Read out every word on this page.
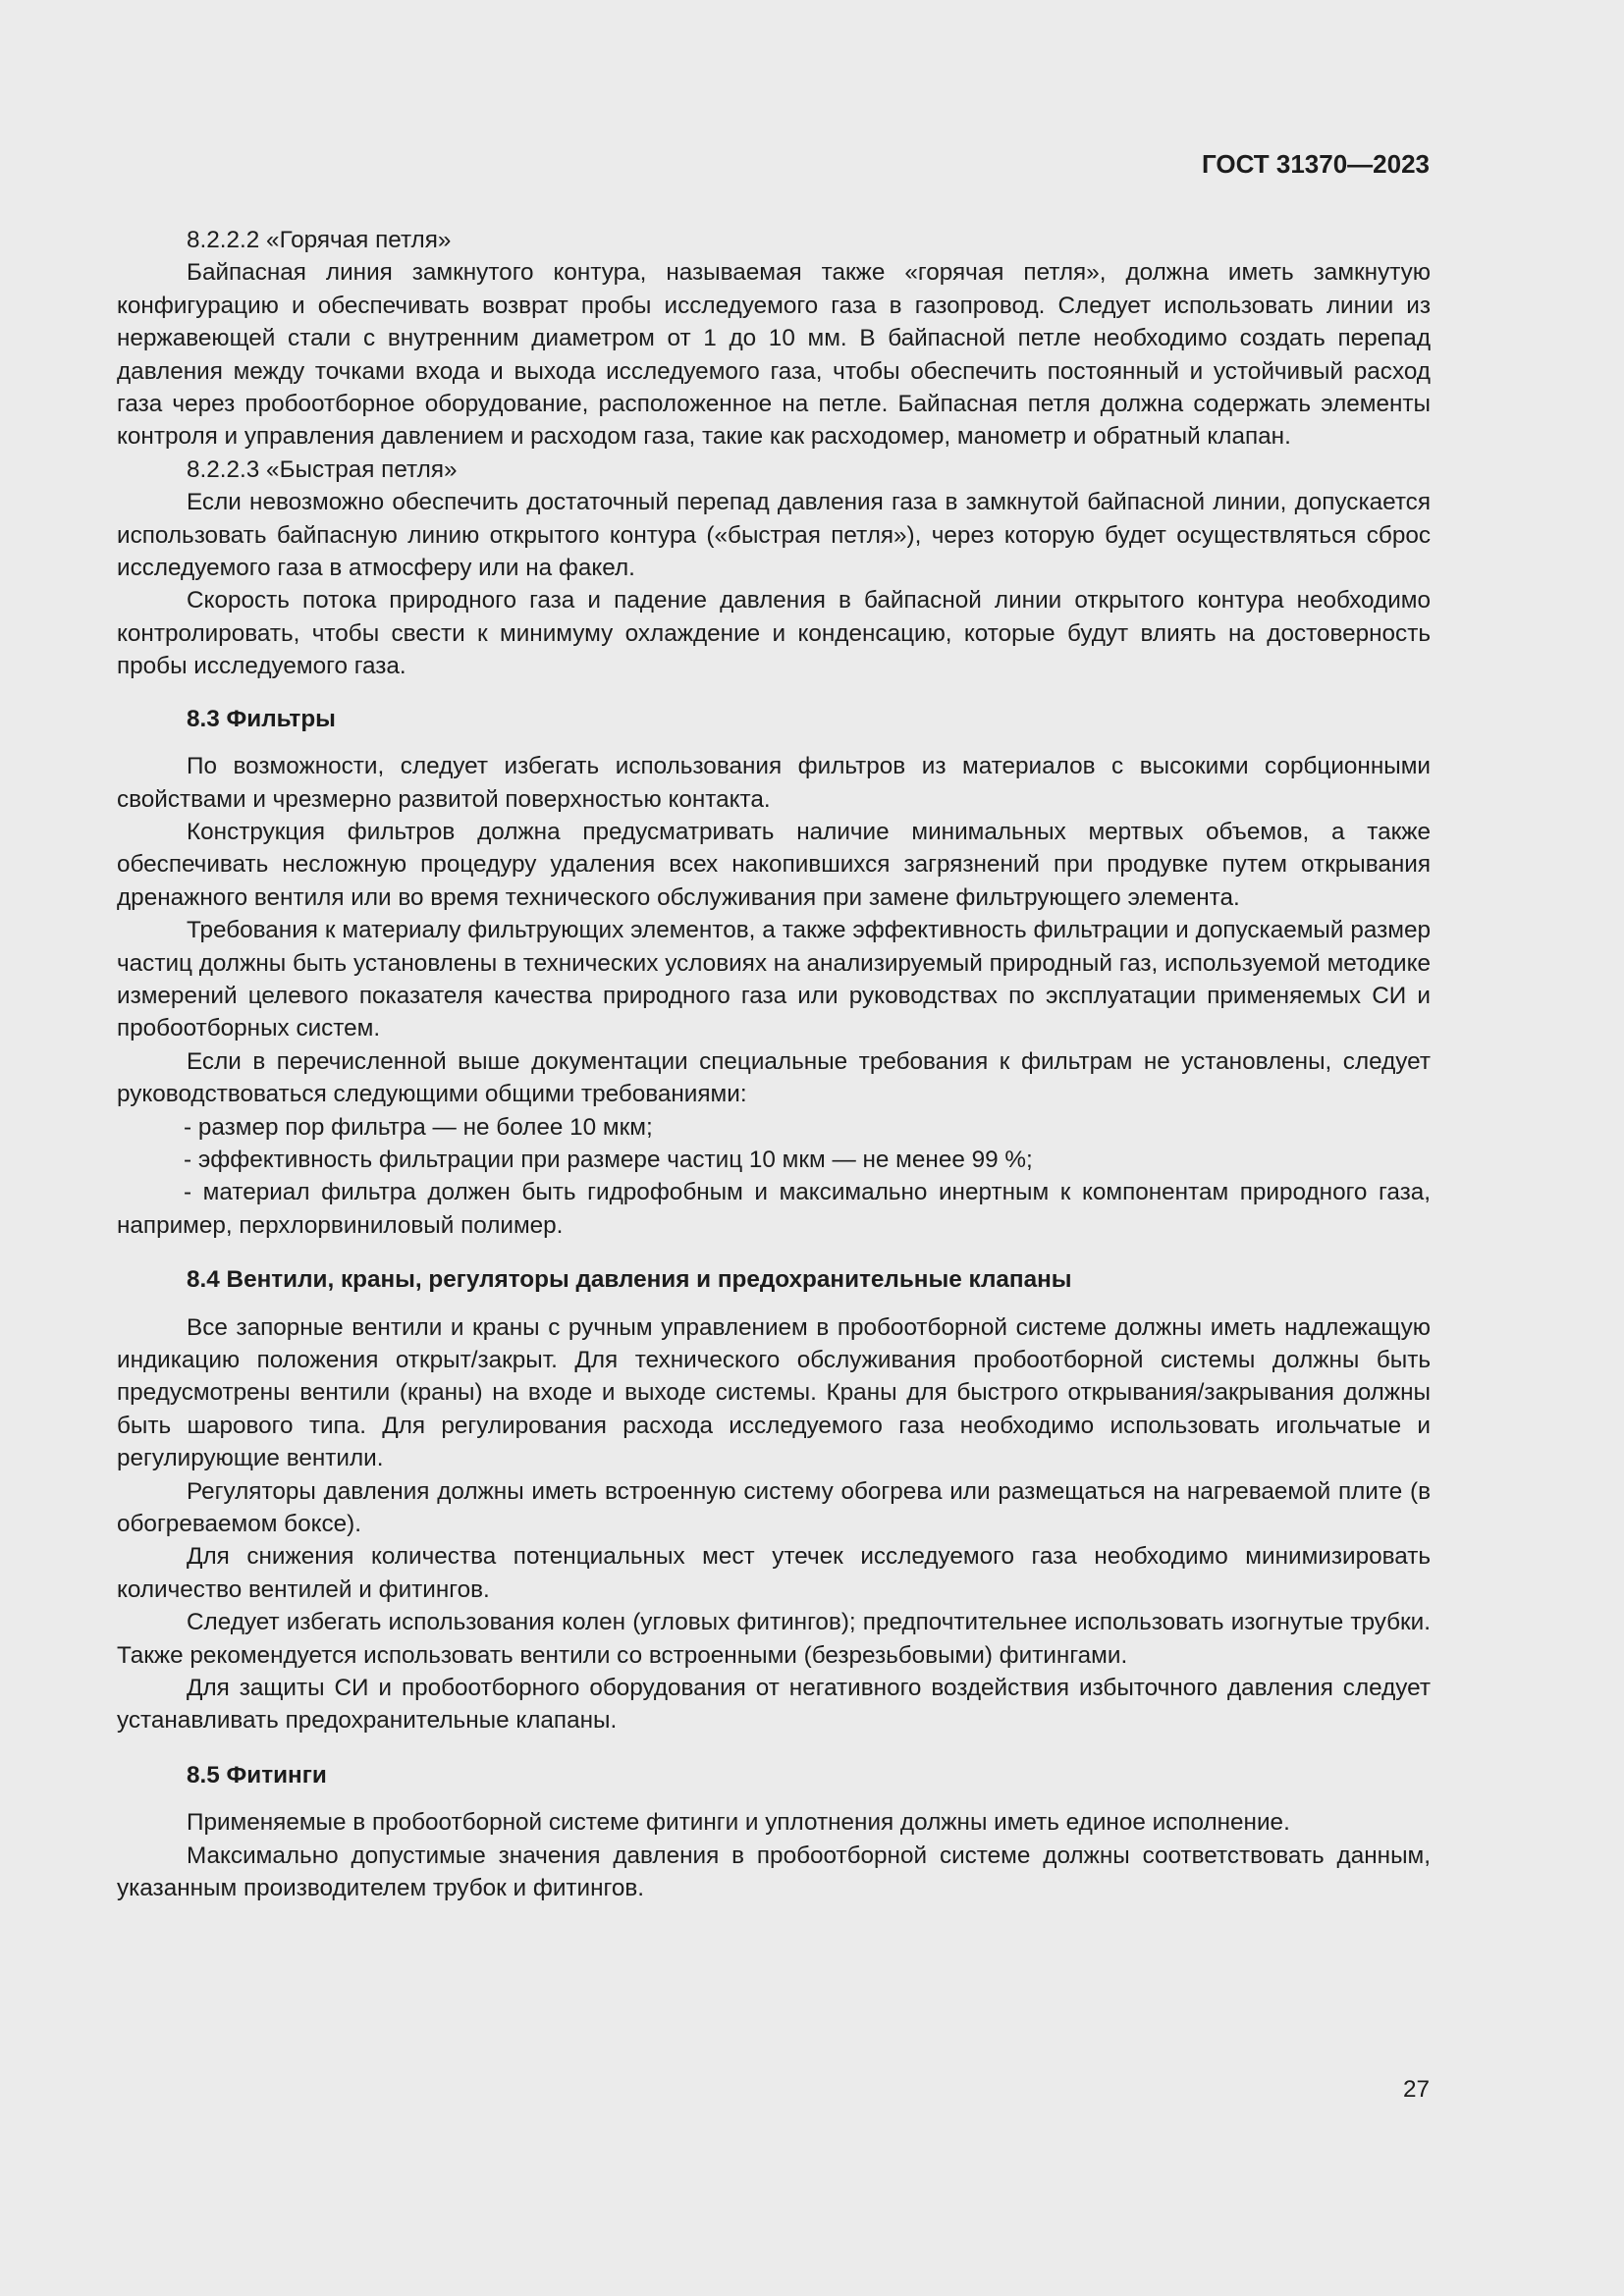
ГОСТ 31370—2023

8.2.2.2 «Горячая петля»

Байпасная линия замкнутого контура, называемая также «горячая петля», должна иметь замкнутую конфигурацию и обеспечивать возврат пробы исследуемого газа в газопровод. Следует использовать линии из нержавеющей стали с внутренним диаметром от 1 до 10 мм. В байпасной петле необходимо создать перепад давления между точками входа и выхода исследуемого газа, чтобы обеспечить постоянный и устойчивый расход газа через пробоотборное оборудование, расположенное на петле. Байпасная петля должна содержать элементы контроля и управления давлением и расходом газа, такие как расходомер, манометр и обратный клапан.

8.2.2.3 «Быстрая петля»

Если невозможно обеспечить достаточный перепад давления газа в замкнутой байпасной линии, допускается использовать байпасную линию открытого контура («быстрая петля»), через которую будет осуществляться сброс исследуемого газа в атмосферу или на факел.

Скорость потока природного газа и падение давления в байпасной линии открытого контура необходимо контролировать, чтобы свести к минимуму охлаждение и конденсацию, которые будут влиять на достоверность пробы исследуемого газа.

8.3 Фильтры

По возможности, следует избегать использования фильтров из материалов с высокими сорбционными свойствами и чрезмерно развитой поверхностью контакта.

Конструкция фильтров должна предусматривать наличие минимальных мертвых объемов, а также обеспечивать несложную процедуру удаления всех накопившихся загрязнений при продувке путем открывания дренажного вентиля или во время технического обслуживания при замене фильтрующего элемента.

Требования к материалу фильтрующих элементов, а также эффективность фильтрации и допускаемый размер частиц должны быть установлены в технических условиях на анализируемый природный газ, используемой методике измерений целевого показателя качества природного газа или руководствах по эксплуатации применяемых СИ и пробоотборных систем.

Если в перечисленной выше документации специальные требования к фильтрам не установлены, следует руководствоваться следующими общими требованиями:

- размер пор фильтра — не более 10 мкм;

- эффективность фильтрации при размере частиц 10 мкм — не менее 99 %;

- материал фильтра должен быть гидрофобным и максимально инертным к компонентам природного газа, например, перхлорвиниловый полимер.

8.4 Вентили, краны, регуляторы давления и предохранительные клапаны

Все запорные вентили и краны с ручным управлением в пробоотборной системе должны иметь надлежащую индикацию положения открыт/закрыт. Для технического обслуживания пробоотборной системы должны быть предусмотрены вентили (краны) на входе и выходе системы. Краны для быстрого открывания/закрывания должны быть шарового типа. Для регулирования расхода исследуемого газа необходимо использовать игольчатые и регулирующие вентили.

Регуляторы давления должны иметь встроенную систему обогрева или размещаться на нагреваемой плите (в обогреваемом боксе).

Для снижения количества потенциальных мест утечек исследуемого газа необходимо минимизировать количество вентилей и фитингов.

Следует избегать использования колен (угловых фитингов); предпочтительнее использовать изогнутые трубки. Также рекомендуется использовать вентили со встроенными (безрезьбовыми) фитингами.

Для защиты СИ и пробоотборного оборудования от негативного воздействия избыточного давления следует устанавливать предохранительные клапаны.

8.5 Фитинги

Применяемые в пробоотборной системе фитинги и уплотнения должны иметь единое исполнение.

Максимально допустимые значения давления в пробоотборной системе должны соответствовать данным, указанным производителем трубок и фитингов.

27
